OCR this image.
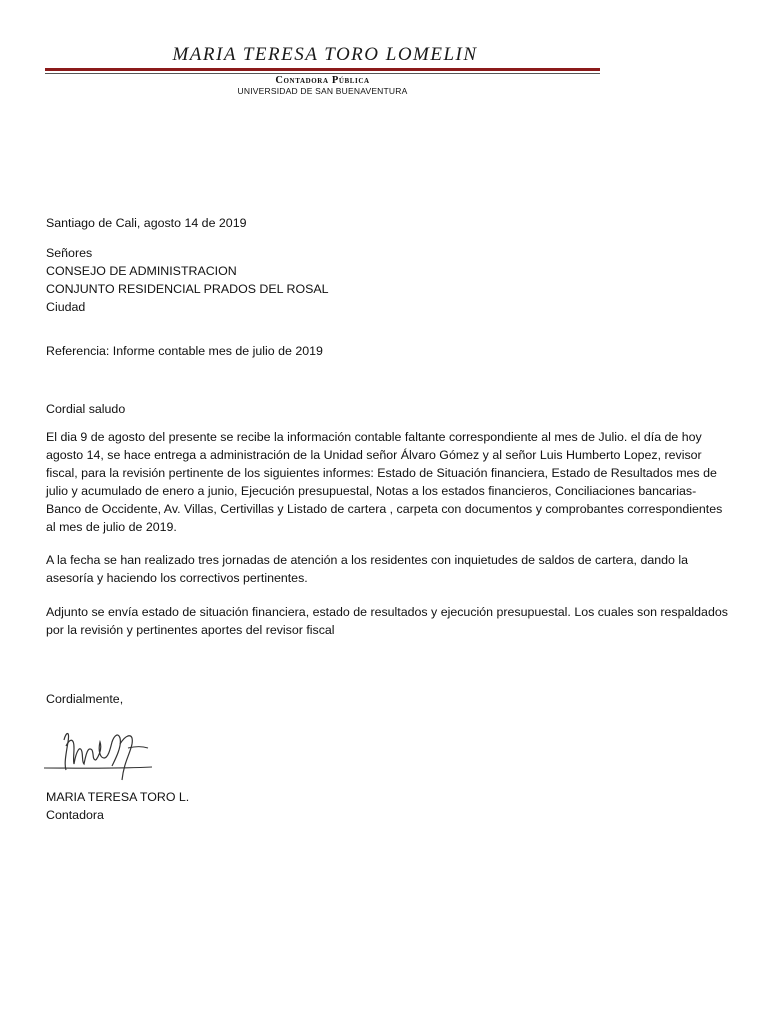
MARIA TERESA TORO LOMELIN
Contadora Pública
UNIVERSIDAD DE SAN BUENAVENTURA
Santiago de Cali, agosto 14 de 2019
Señores
CONSEJO DE ADMINISTRACION
CONJUNTO RESIDENCIAL PRADOS DEL ROSAL
Ciudad
Referencia: Informe contable mes de julio de 2019
Cordial saludo
El dia 9 de agosto del presente se recibe la información contable faltante correspondiente al mes de Julio. el día de hoy
agosto 14, se hace entrega a administración de la Unidad señor Álvaro Gómez y al señor Luis Humberto Lopez, revisor
fiscal, para la revisión pertinente de los siguientes informes: Estado de Situación financiera, Estado de Resultados mes de
julio y acumulado de enero a junio, Ejecución presupuestal, Notas a los estados financieros, Conciliaciones bancarias-
Banco de Occidente, Av. Villas, Certivillas y Listado de cartera , carpeta con documentos y comprobantes correspondientes
al mes de julio de 2019.
A la fecha se han realizado tres jornadas de atención a los residentes con inquietudes de saldos de cartera, dando la
asesoría y haciendo los correctivos pertinentes.
Adjunto se envía estado de situación financiera, estado de resultados y ejecución presupuestal. Los cuales son respaldados
por la revisión y pertinentes aportes del revisor fiscal
Cordialmente,
MARIA TERESA TORO L.
Contadora
